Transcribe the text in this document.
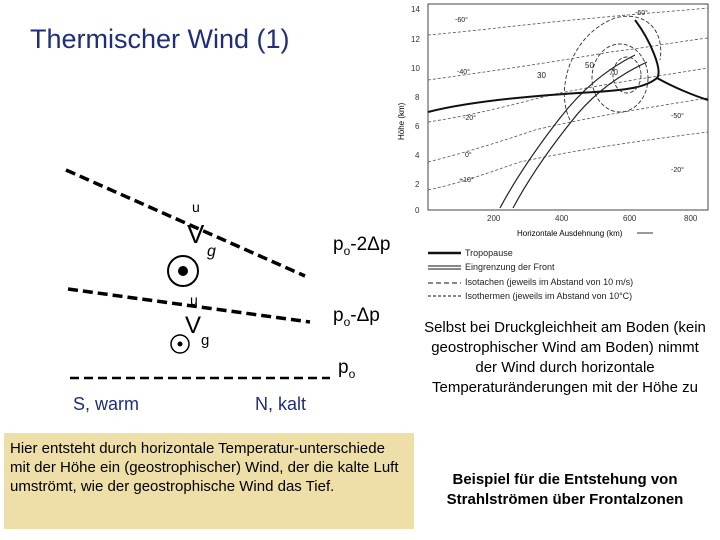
Thermischer Wind (1)
u
V
g
u
V
g
$p_o-2\Delta p$
$p_o-\Delta p$
$p_o$
S, warm	N, kalt
Hier entsteht durch horizontale Temperatur-unterschiede mit der Höhe ein (geostrophischer) Wind, der die kalte Luft umströmt, wie der geostrophische Wind das Tief.
Höhe (km)
14
12
10
8
6
4
2
0
200	400	600	800
Horizontale Ausdehnung (km)
30
50
70
-60°
-60°
-40°
-50°
-20°
-20°
+10°
0°
Tropopause
Eingrenzung der Front
Isotachen (jeweils im Abstand von 10 m/s)
Isothermen (jeweils im Abstand von 10°C)
Selbst bei Druckgleichheit am Boden (kein geostrophischer Wind am Boden) nimmt der Wind durch horizontale Temperaturänderungen mit der Höhe zu
Beispiel für die Entstehung von Strahlströmen über Frontalzonen
